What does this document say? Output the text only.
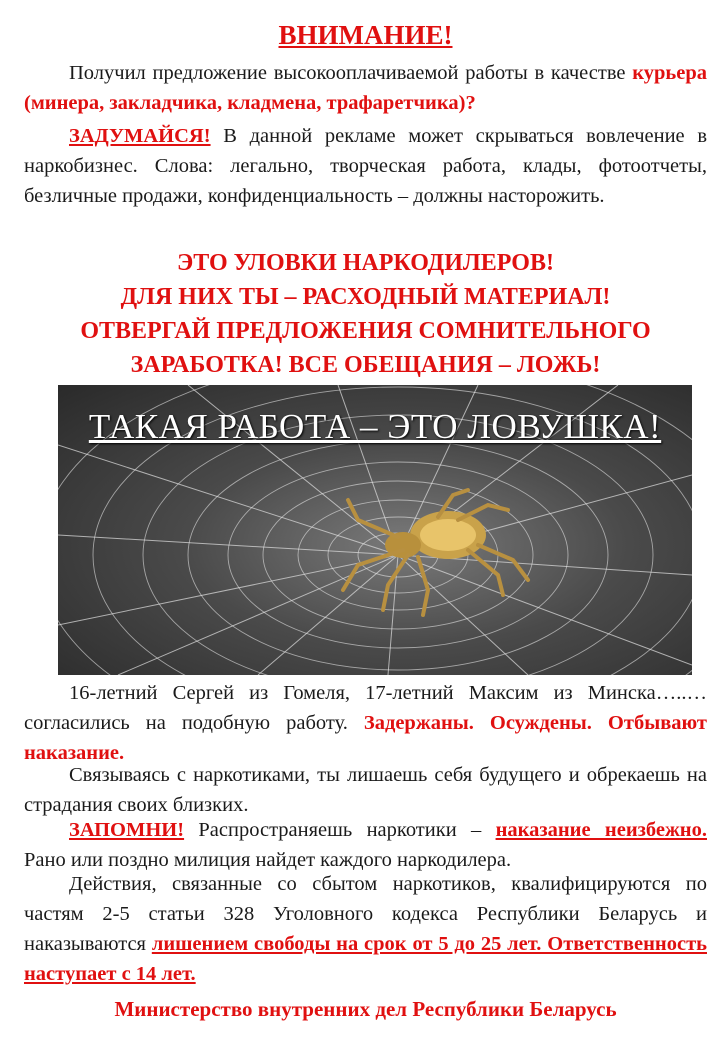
ВНИМАНИЕ!
Получил предложение высокооплачиваемой работы в качестве курьера (минера, закладчика, кладмена, трафаретчика)?
ЗАДУМАЙСЯ! В данной рекламе может скрываться вовлечение в наркобизнес. Слова: легально, творческая работа, клады, фотоотчеты, безличные продажи, конфиденциальность – должны насторожить.
ЭТО УЛОВКИ НАРКОДИЛЕРОВ!
ДЛЯ НИХ ТЫ – РАСХОДНЫЙ МАТЕРИАЛ!
ОТВЕРГАЙ ПРЕДЛОЖЕНИЯ СОМНИТЕЛЬНОГО
ЗАРАБОТКА! ВСЕ ОБЕЩАНИЯ – ЛОЖЬ!
ТАКАЯ РАБОТА – ЭТО ЛОВУШКА!
16-летний Сергей из Гомеля, 17-летний Максим из Минска…..…согласились на подобную работу. Задержаны. Осуждены. Отбывают наказание.
Связываясь с наркотиками, ты лишаешь себя будущего и обрекаешь на страдания своих близких.
ЗАПОМНИ! Распространяешь наркотики – наказание неизбежно. Рано или поздно милиция найдет каждого наркодилера.
Действия, связанные со сбытом наркотиков, квалифицируются по частям 2-5 статьи 328 Уголовного кодекса Республики Беларусь и наказываются лишением свободы на срок от 5 до 25 лет. Ответственность наступает с 14 лет.
Министерство внутренних дел Республики Беларусь
